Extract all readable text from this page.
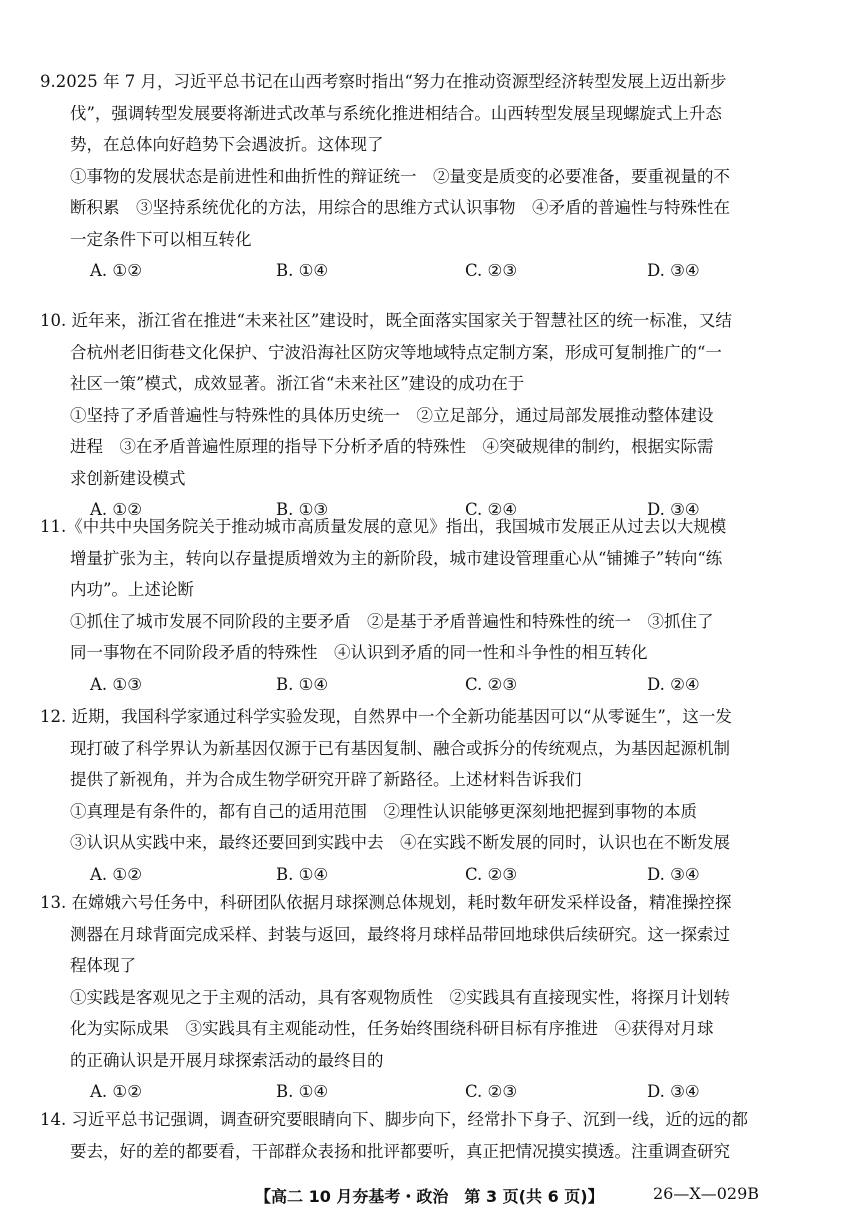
9.2025 年 7 月，习近平总书记在山西考察时指出“努力在推动资源型经济转型发展上迈出新步
伐”，强调转型发展要将渐进式改革与系统化推进相结合。山西转型发展呈现螺旋式上升态
势，在总体向好趋势下会遇波折。这体现了
①事物的发展状态是前进性和曲折性的辩证统一　②量变是质变的必要准备，要重视量的不
断积累　③坚持系统优化的方法，用综合的思维方式认识事物　④矛盾的普遍性与特殊性在
一定条件下可以相互转化
A. ①②	B. ①④	C. ②③	D. ③④
10. 近年来，浙江省在推进“未来社区”建设时，既全面落实国家关于智慧社区的统一标准，又结
合杭州老旧街巷文化保护、宁波沿海社区防灾等地域特点定制方案，形成可复制推广的“一
社区一策”模式，成效显著。浙江省“未来社区”建设的成功在于
①坚持了矛盾普遍性与特殊性的具体历史统一　②立足部分，通过局部发展推动整体建设
进程　③在矛盾普遍性原理的指导下分析矛盾的特殊性　④突破规律的制约，根据实际需
求创新建设模式
A. ①②	B. ①③	C. ②④	D. ③④
11.《中共中央国务院关于推动城市高质量发展的意见》指出，我国城市发展正从过去以大规模
增量扩张为主，转向以存量提质增效为主的新阶段，城市建设管理重心从“铺摊子”转向“练
内功”。上述论断
①抓住了城市发展不同阶段的主要矛盾　②是基于矛盾普遍性和特殊性的统一　③抓住了
同一事物在不同阶段矛盾的特殊性　④认识到矛盾的同一性和斗争性的相互转化
A. ①③	B. ①④	C. ②③	D. ②④
12. 近期，我国科学家通过科学实验发现，自然界中一个全新功能基因可以“从零诞生”，这一发
现打破了科学界认为新基因仅源于已有基因复制、融合或拆分的传统观点，为基因起源机制
提供了新视角，并为合成生物学研究开辟了新路径。上述材料告诉我们
①真理是有条件的，都有自己的适用范围　②理性认识能够更深刻地把握到事物的本质
③认识从实践中来，最终还要回到实践中去　④在实践不断发展的同时，认识也在不断发展
A. ①②	B. ①④	C. ②③	D. ③④
13. 在嫦娥六号任务中，科研团队依据月球探测总体规划，耗时数年研发采样设备，精准操控探
测器在月球背面完成采样、封装与返回，最终将月球样品带回地球供后续研究。这一探索过
程体现了
①实践是客观见之于主观的活动，具有客观物质性　②实践具有直接现实性，将探月计划转
化为实际成果　③实践具有主观能动性，任务始终围绕科研目标有序推进　④获得对月球
的正确认识是开展月球探索活动的最终目的
A. ①②	B. ①④	C. ②③	D. ③④
14. 习近平总书记强调，调查研究要眼睛向下、脚步向下，经常扑下身子、沉到一线，近的远的都
要去，好的差的都要看，干部群众表扬和批评都要听，真正把情况摸实摸透。注重调查研究
【高二 10 月夯基考・政治　第 3 页(共 6 页)】	26—X—029B
